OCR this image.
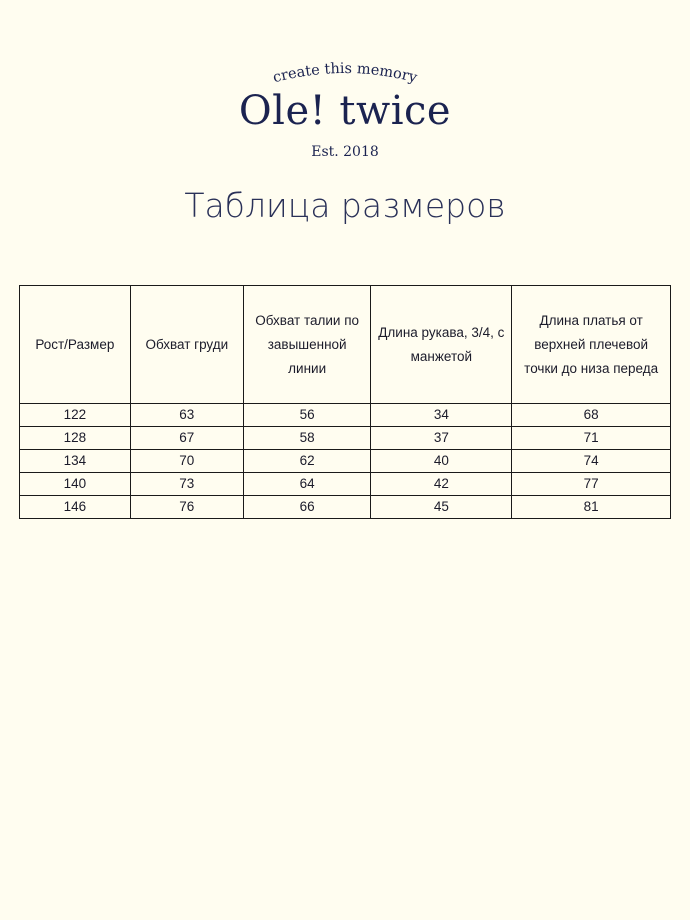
create this memory
Ole! twice
Est. 2018
Таблица размеров
Рост/Размер	Обхват груди	Обхват талии по завышенной линии	Длина рукава, 3/4, с манжетой	Длина платья от верхней плечевой точки до низа переда
122	63	56	34	68
128	67	58	37	71
134	70	62	40	74
140	73	64	42	77
146	76	66	45	81
